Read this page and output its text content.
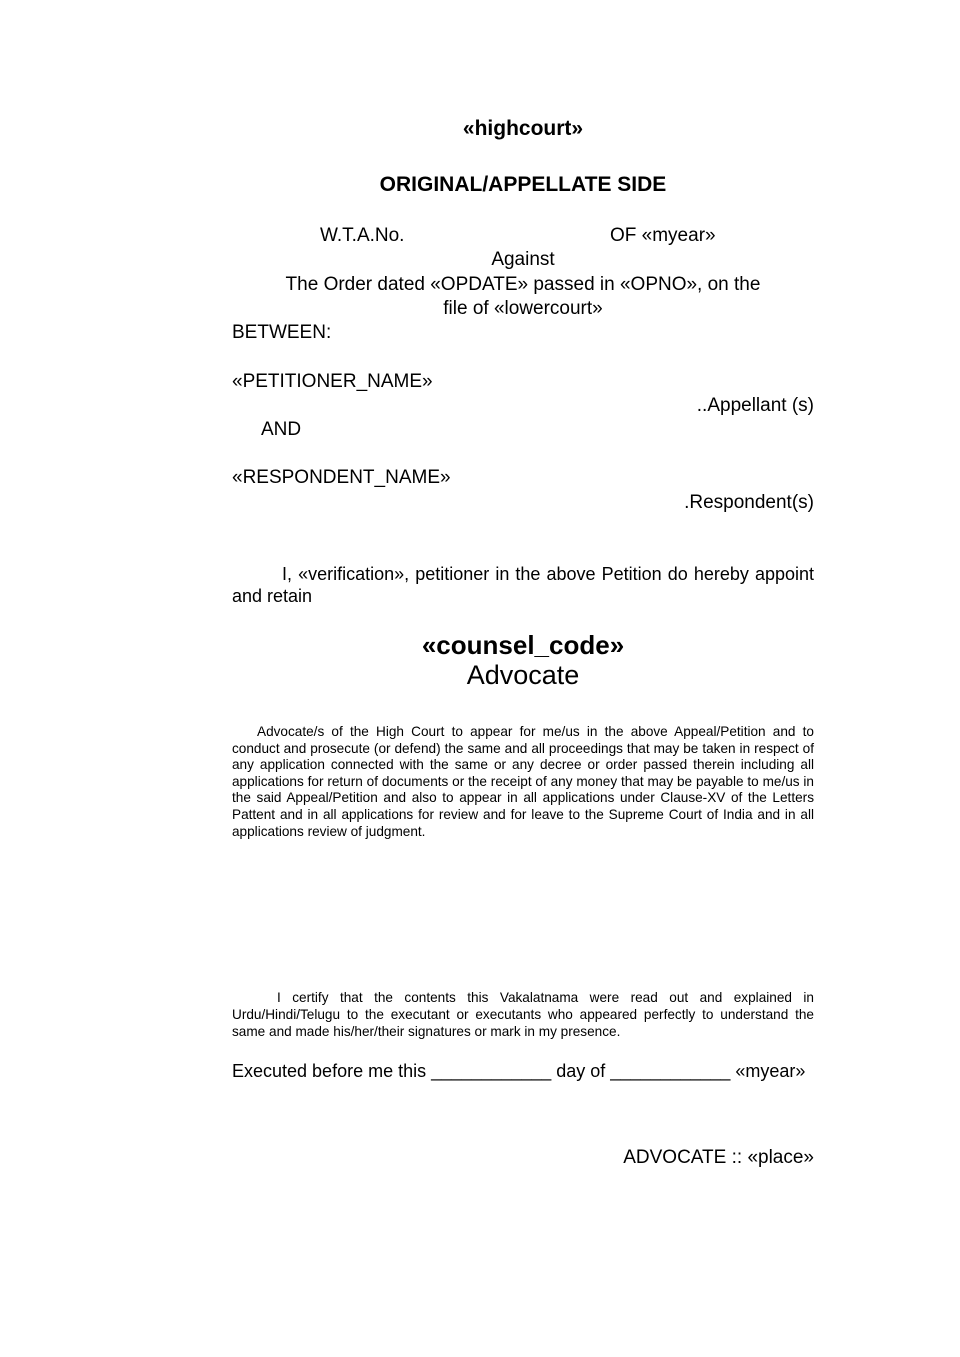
«highcourt»
ORIGINAL/APPELLATE SIDE
W.T.A.No.	OF «myear»
Against
The Order dated «OPDATE» passed in «OPNO», on the
file of «lowercourt»
BETWEEN:
«PETITIONER_NAME»
..Appellant (s)
AND
«RESPONDENT_NAME»
.Respondent(s)
I, «verification», petitioner in the above Petition do hereby appoint and retain
«counsel_code»
Advocate
Advocate/s of the High Court to appear for me/us in the above Appeal/Petition and to conduct and prosecute (or defend) the same and all proceedings that may be taken in respect of any application connected with the same or any decree or order passed therein including all applications for return of documents or the receipt of any money that may be payable to me/us in the said Appeal/Petition and also to appear in all applications under Clause-XV of the Letters Pattent and in all applications for review and for leave to the Supreme Court of India and in all applications review of judgment.
I certify that the contents this Vakalatnama were read out and explained in Urdu/Hindi/Telugu to the executant or executants who appeared perfectly to understand the same and made his/her/their signatures or mark in my presence.
Executed before me this ____________ day of ____________ «myear»
ADVOCATE :: «place»
